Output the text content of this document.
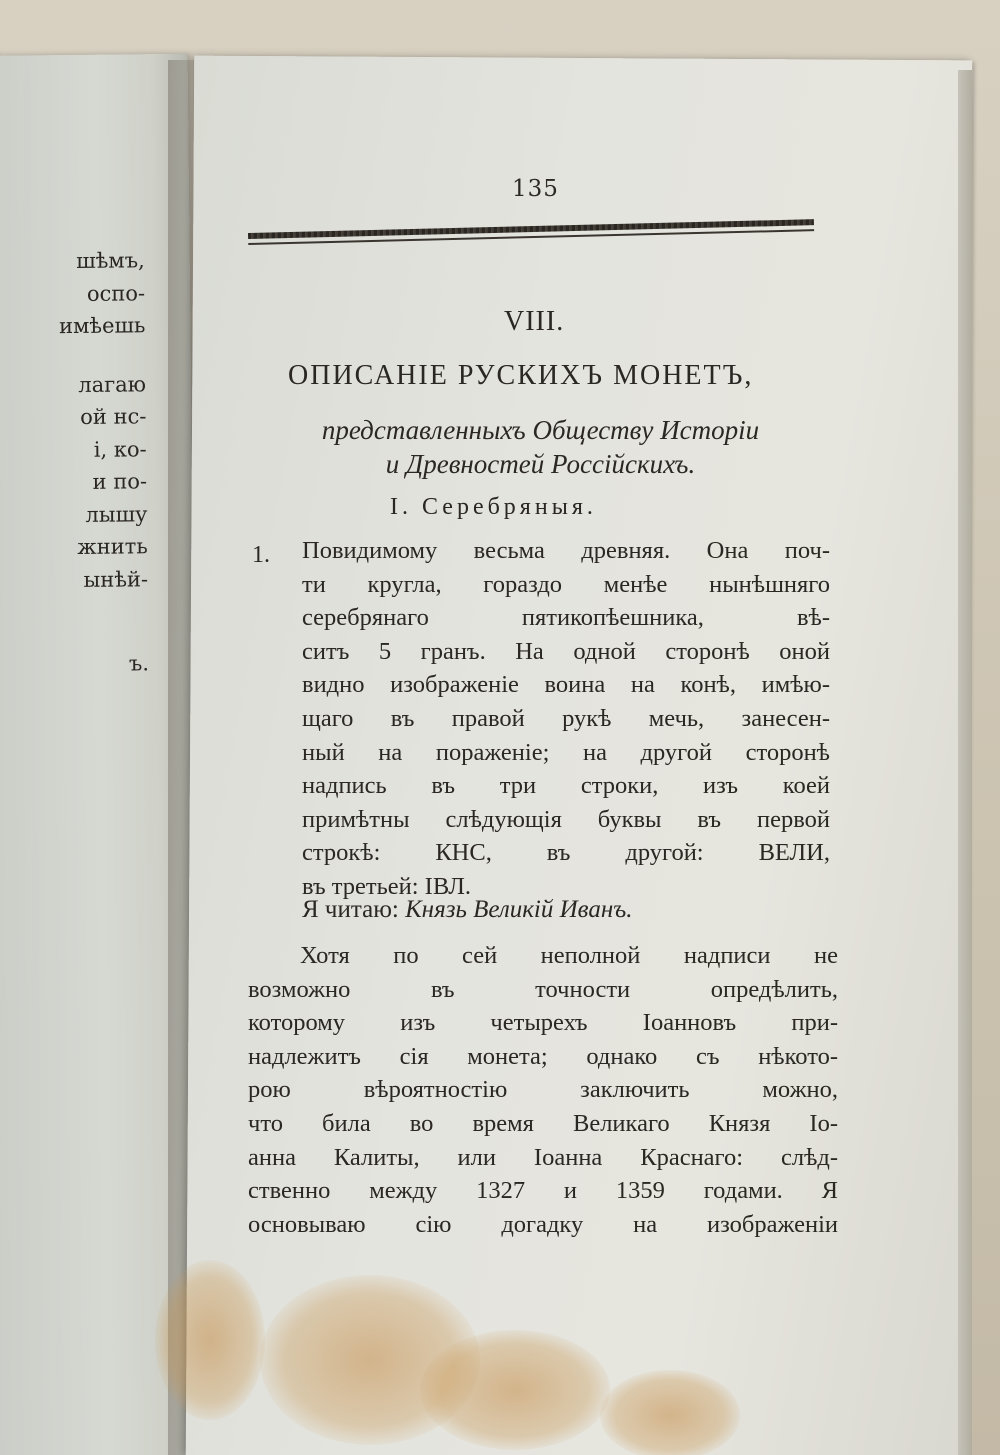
шѣмъ,
оспо-
имѣешь
лагаю
ой нс-
і, ко-
и по-
лышу
жнить
ынѣй-
ъ.
135
VIII.
ОПИСАНІЕ РУСКИХЪ МОНЕТЪ,
представленныхъ Обществу Исторіи
и Древностей Россійскихъ.
I. Серебряныя.
1. Повидимому весьма древняя. Она поч-
ти кругла, гораздо менѣе нынѣшняго
серебрянаго пятикопѣешника, вѣ-
ситъ 5 гранъ. На одной сторонѣ оной
видно изображеніе воина на конѣ, имѣю-
щаго въ правой рукѣ мечь, занесен-
ный на пораженіе; на другой сторонѣ
надпись въ три строки, изъ коей
примѣтны слѣдующія буквы въ первой
строкѣ: КНС, въ другой: ВЕЛИ,
въ третьей: IВЛ.
Я читаю: Князь Великій Иванъ.
Хотя по сей неполной надписи не
возможно въ точности опредѣлить,
которому изъ четырехъ Іоанновъ при-
надлежитъ сія монета; однако съ нѣкото-
рою вѣроятностію заключить можно,
что била во время Великаго Князя Іо-
анна Калиты, или Іоанна Краснаго: слѣд-
ственно между 1327 и 1359 годами. Я
основываю сію догадку на изображеніи
